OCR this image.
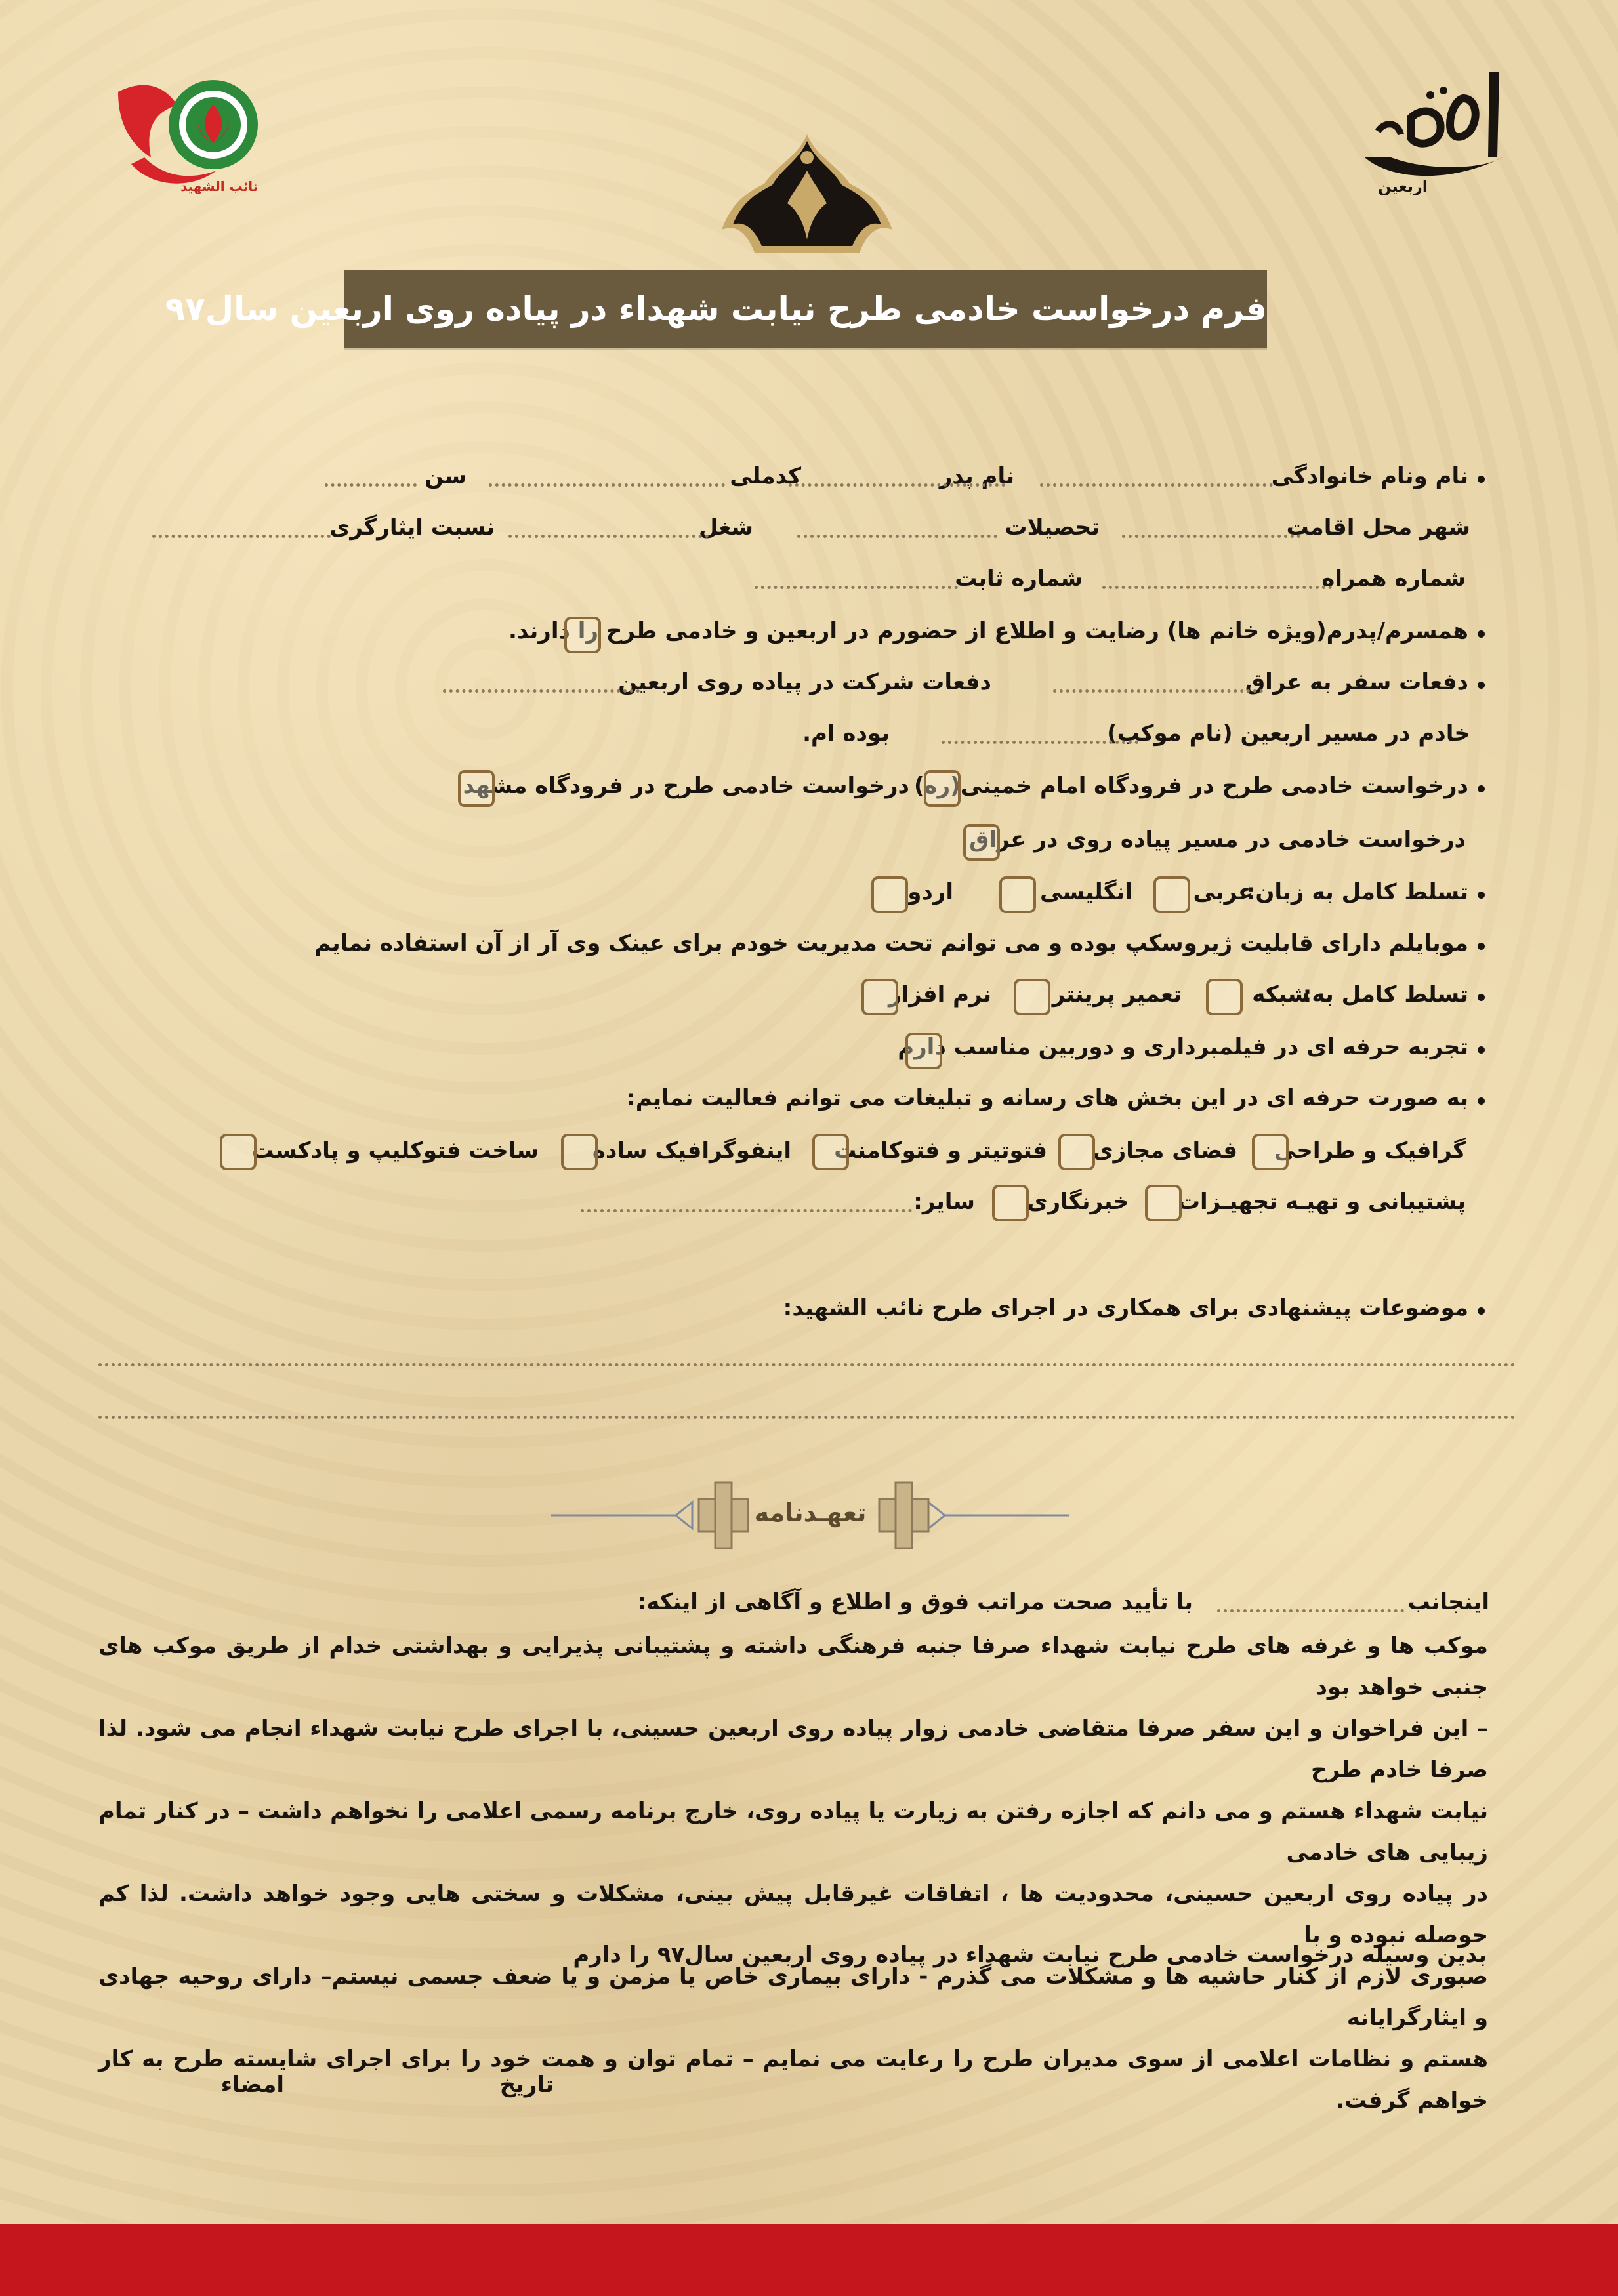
نائب الشهید	اربعین
فرم درخواست خادمی طرح نیابت شهداء در پیاده روی اربعین سال۹۷
نام ونام خانوادگی
نام پدر
کدملی
سن
شهر محل اقامت
تحصیلات
شغل
نسبت ایثارگری
شماره همراه
شماره ثابت
همسرم/پدرم(ویژه خانم ها) رضایت و اطلاع از حضورم در اربعین و خادمی طرح را دارند.
دفعات سفر به عراق
دفعات شرکت در پیاده روی اربعین
خادم در مسیر اربعین (نام موکب)
بوده ام.
درخواست خادمی طرح در فرودگاه امام خمینی(ره)
درخواست خادمی طرح در فرودگاه مشهد
درخواست خادمی در مسیر پیاده روی در عراق
تسلط کامل به زبان:
عربی
انگلیسی
اردو
موبایلم دارای قابلیت ژیروسکپ بوده و می توانم تحت مدیریت خودم برای عینک وی آر از آن استفاده نمایم
تسلط کامل به:
شبکه
تعمیر پرینتر
نرم افزار
تجربه حرفه ای در فیلمبرداری و دوربین مناسب دارم
به صورت حرفه ای در این بخش های رسانه و تبلیغات می توانم فعالیت نمایم:
گرافیک و طراحی
فضای مجازی
فتوتیتر و فتوکامنت
اینفوگرافیک ساده
ساخت فتوکلیپ و پادکست
پشتیبانی و تهیـه تجهیـزات
خبرنگاری
سایر:
موضوعات پیشنهادی برای همکاری در اجرای طرح نائب الشهید:
تعهـدنامه
اینجانب
با تأیید صحت مراتب فوق و اطلاع و آگاهی از اینکه:
موکب ها و غرفه های طرح نیابت شهداء صرفا جنبه فرهنگی داشته و پشتیبانی پذیرایی و بهداشتی خدام از طریق موکب های جنبی خواهد بود
– این فراخوان و این سفر صرفا متقاضی خادمی زوار پیاده روی اربعین حسینی، با اجرای طرح نیابت شهداء انجام می شود. لذا صرفا خادم طرح
نیابت شهداء هستم و می دانم که اجازه رفتن به زیارت یا پیاده روی، خارج برنامه رسمی اعلامی را نخواهم داشت – در کنار تمام زیبایی های خادمی
در پیاده روی اربعین حسینی، محدودیت ها ، اتفاقات غیرقابل پیش بینی، مشکلات و سختی هایی وجود خواهد داشت. لذا کم حوصله نبوده و با
صبوری لازم از کنار حاشیه ها و مشکلات می گذرم - دارای بیماری خاص یا مزمن و یا ضعف جسمی نیستم– دارای روحیه جهادی و ایثارگرایانه
هستم و نظامات اعلامی از سوی مدیران طرح را رعایت می نمایم – تمام توان و همت خود را برای اجرای شایسته طرح به کار خواهم گرفت.
بدین وسیله درخواست خادمی طرح نیابت شهداء در پیاده روی اربعین سال۹۷ را دارم
تاریخ
امضاء
